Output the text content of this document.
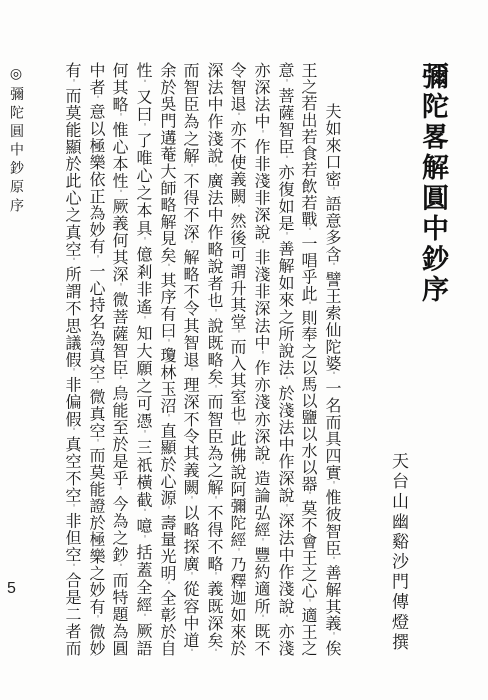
彌陀畧解圓中鈔序
天台山幽谿沙門傳燈撰
夫如來口密。語意多含。譬王索仙陀婆。一名而具四實。惟彼智臣。善解其義。俟
王之若出若食若飲若戰。一唱乎此。則奉之以馬以鹽以水以器。莫不會王之心。適王之
意。菩薩智臣。亦復如是。善解如來之所說法。於淺法中作深說。深法中作淺說。亦淺
亦深法中。作非淺非深說。非淺非深法中。作亦淺亦深說。造論弘經。豐約適所。既不
令智退。亦不使義闕。然後可謂升其堂。而入其室也。此佛說阿彌陀經。乃釋迦如來於
深法中作淺說。廣法中作略說者也。說既略矣。而智臣為之解。不得不略。義既深矣。
而智臣為之解。不得不深。解略不令其智退。理深不令其義闕。以略探廣。從容中道。
余於吳門遘菴大師略解見矣。其序有曰。瓊林玉沼。直顯於心源。壽量光明。全彰於自
性。又曰。了唯心之本具。億剎非遙。知大願之可憑。三祇橫截。噫。括蓋全經。厥語
何其略。惟心本性。厥義何其深。微菩薩智臣。烏能至於是乎。今為之鈔。而特題為圓
中者。意以極樂依正為妙有。一心持名為真空。微真空。而莫能證於極樂之妙有。微妙
有。而莫能顯於此心之真空。所謂不思議假。非偏假。真空不空。非但空。合是二者而
◎彌陀圓中鈔原序
5
